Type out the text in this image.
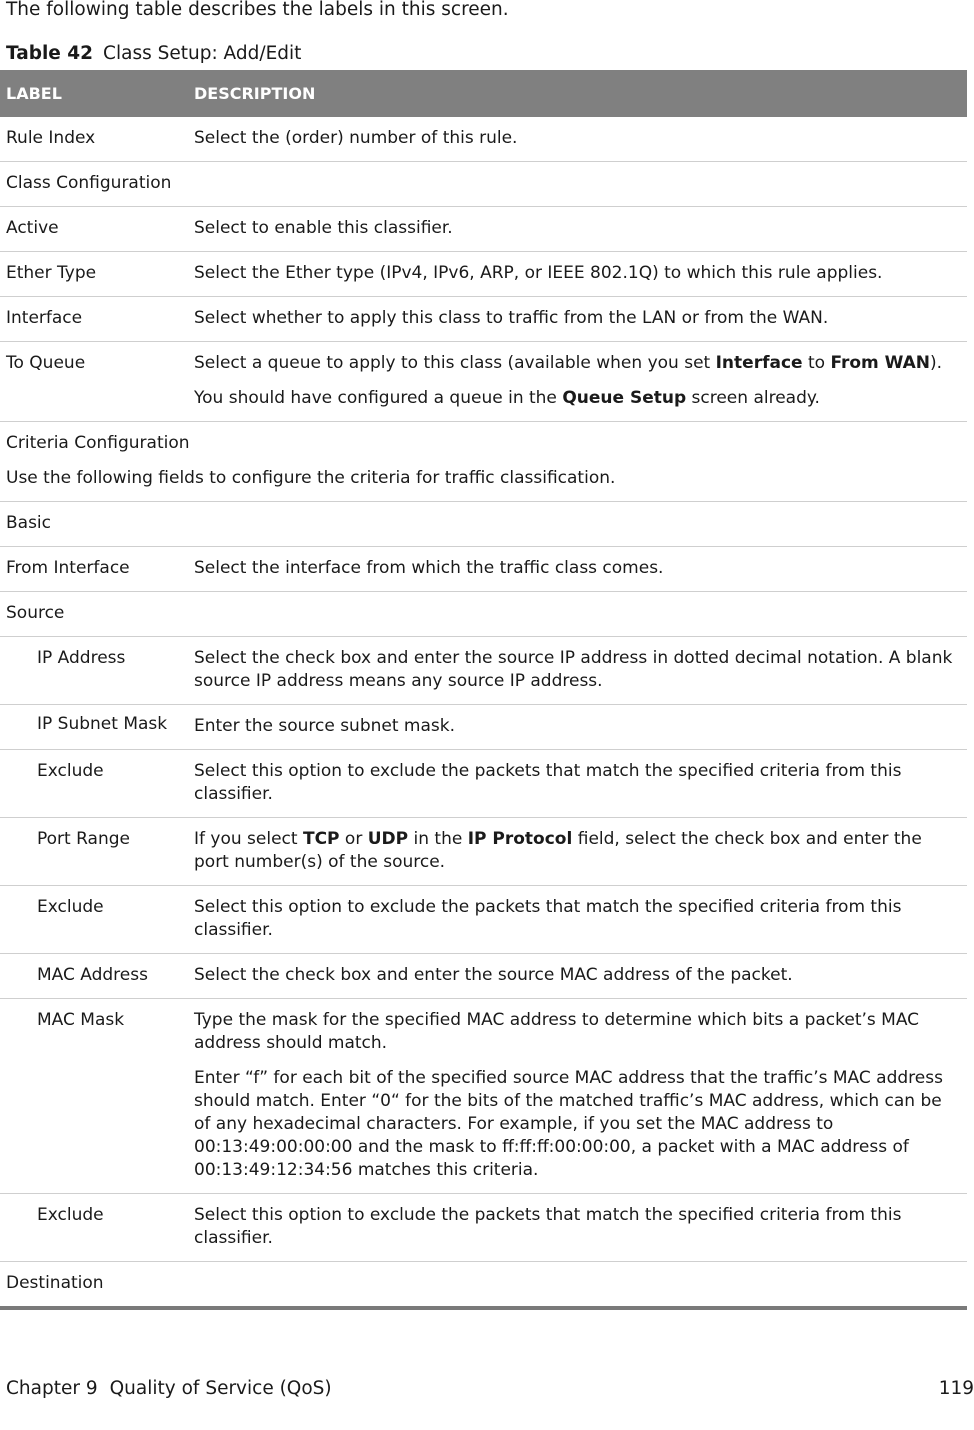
The following table describes the labels in this screen.
Table 42 Class Setup: Add/Edit
LABEL	DESCRIPTION
Rule Index	Select the (order) number of this rule.
Class Configuration	
Active	Select to enable this classifier.
Ether Type	Select the Ether type (IPv4, IPv6, ARP, or IEEE 802.1Q) to which this rule applies.
Interface	Select whether to apply this class to traffic from the LAN or from the WAN.
To Queue	Select a queue to apply to this class (available when you set Interface to From WAN).

You should have configured a queue in the Queue Setup screen already.

Criteria Configuration

Use the following fields to configure the criteria for traffic classification.	

Basic	
From Interface	Select the interface from which the traffic class comes.
Source	
IP Address	Select the check box and enter the source IP address in dotted decimal notation. A blank source IP address means any source IP address.
IP Subnet Mask	Enter the source subnet mask.
Exclude	Select this option to exclude the packets that match the specified criteria from this classifier.
Port Range	If you select TCP or UDP in the IP Protocol field, select the check box and enter the port number(s) of the source.
Exclude	Select this option to exclude the packets that match the specified criteria from this classifier.
MAC Address	Select the check box and enter the source MAC address of the packet.
MAC Mask	Type the mask for the specified MAC address to determine which bits a packet’s MAC address should match.

Enter “f” for each bit of the specified source MAC address that the traffic’s MAC address should match. Enter “0“ for the bits of the matched traffic’s MAC address, which can be of any hexadecimal characters. For example, if you set the MAC address to 00:13:49:00:00:00 and the mask to ff:ff:ff:00:00:00, a packet with a MAC address of 00:13:49:12:34:56 matches this criteria.

Exclude	Select this option to exclude the packets that match the specified criteria from this classifier.
Destination	
Chapter 9 Quality of Service (QoS)	119
